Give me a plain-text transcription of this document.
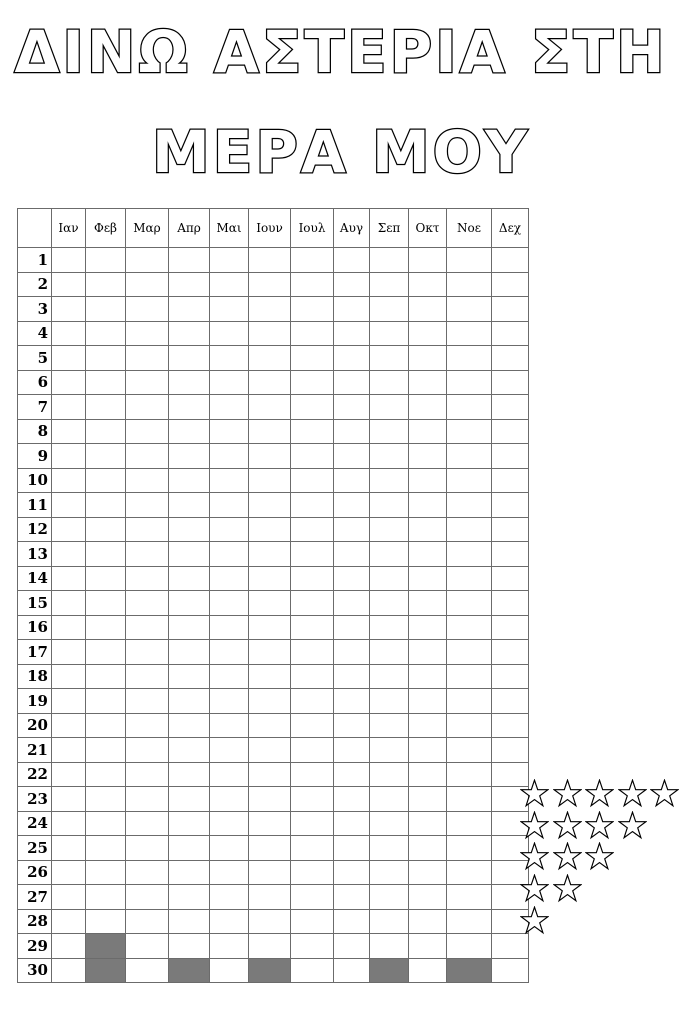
ΔΙΝΩ ΑΣΤΕΡΙΑ ΣΤΗ
ΜΕΡΑ ΜΟΥ
	Ιαν	Φεβ	Μαρ	Απρ	Μαι	Ιουν	Ιουλ	Αυγ	Σεπ	Οκτ	Νοε	Δεχ
1												
2												
3												
4												
5												
6												
7												
8												
9												
10												
11												
12												
13												
14												
15												
16												
17												
18												
19												
20												
21												
22												
23												
24												
25												
26												
27												
28												
29												
30												
